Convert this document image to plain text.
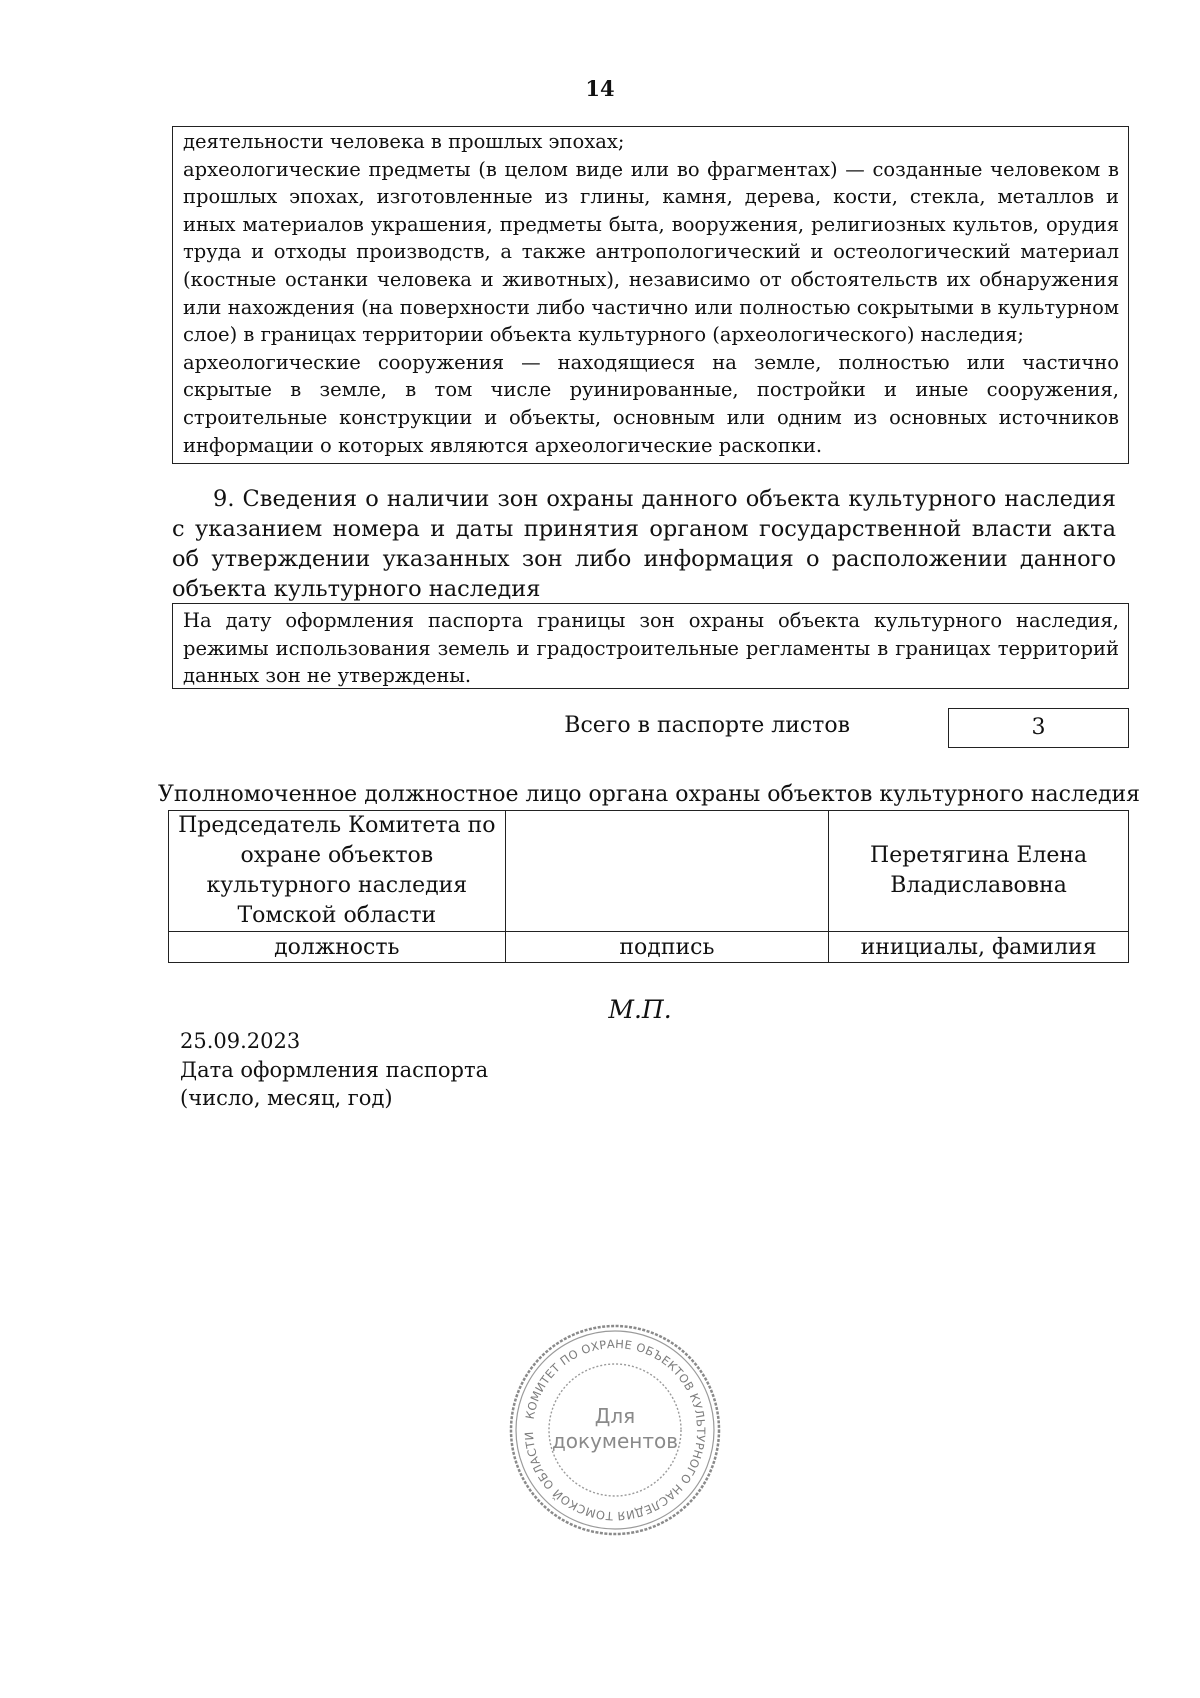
14

деятельности человека в прошлых эпохах;

археологические предметы (в целом виде или во фрагментах) — созданные человеком в прошлых эпохах, изготовленные из глины, камня, дерева, кости, стекла, металлов и иных материалов украшения, предметы быта, вооружения, религиозных культов, орудия труда и отходы производств, а также антропологический и остеологический материал (костные останки человека и животных), независимо от обстоятельств их обнаружения или нахождения (на поверхности либо частично или полностью сокрытыми в культурном слое) в границах территории объекта культурного (археологического) наследия;

археологические сооружения — находящиеся на земле, полностью или частично скрытые в земле, в том числе руинированные, постройки и иные сооружения, строительные конструкции и объекты, основным или одним из основных источников информации о которых являются археологические раскопки.

9. Сведения о наличии зон охраны данного объекта культурного наследия с указанием номера и даты принятия органом государственной власти акта об утверждении указанных зон либо информация о расположении данного объекта культурного наследия

На дату оформления паспорта границы зон охраны объекта культурного наследия, режимы использования земель и градостроительные регламенты в границах территорий данных зон не утверждены.

Всего в паспорте листов	3
Уполномоченное должностное лицо органа охраны объектов культурного наследия
Председатель Комитета по охране объектов культурного наследия Томской области		Перетягина Елена Владиславовна
должность	подпись	инициалы, фамилия
М.П.
25.09.2023
Дата оформления паспорта
(число, месяц, год)
КОМИТЕТ ПО ОХРАНЕ ОБЪЕКТОВ КУЛЬТУРНОГО НАСЛЕДИЯ ТОМСКОЙ ОБЛАСТИ
Для
документов
